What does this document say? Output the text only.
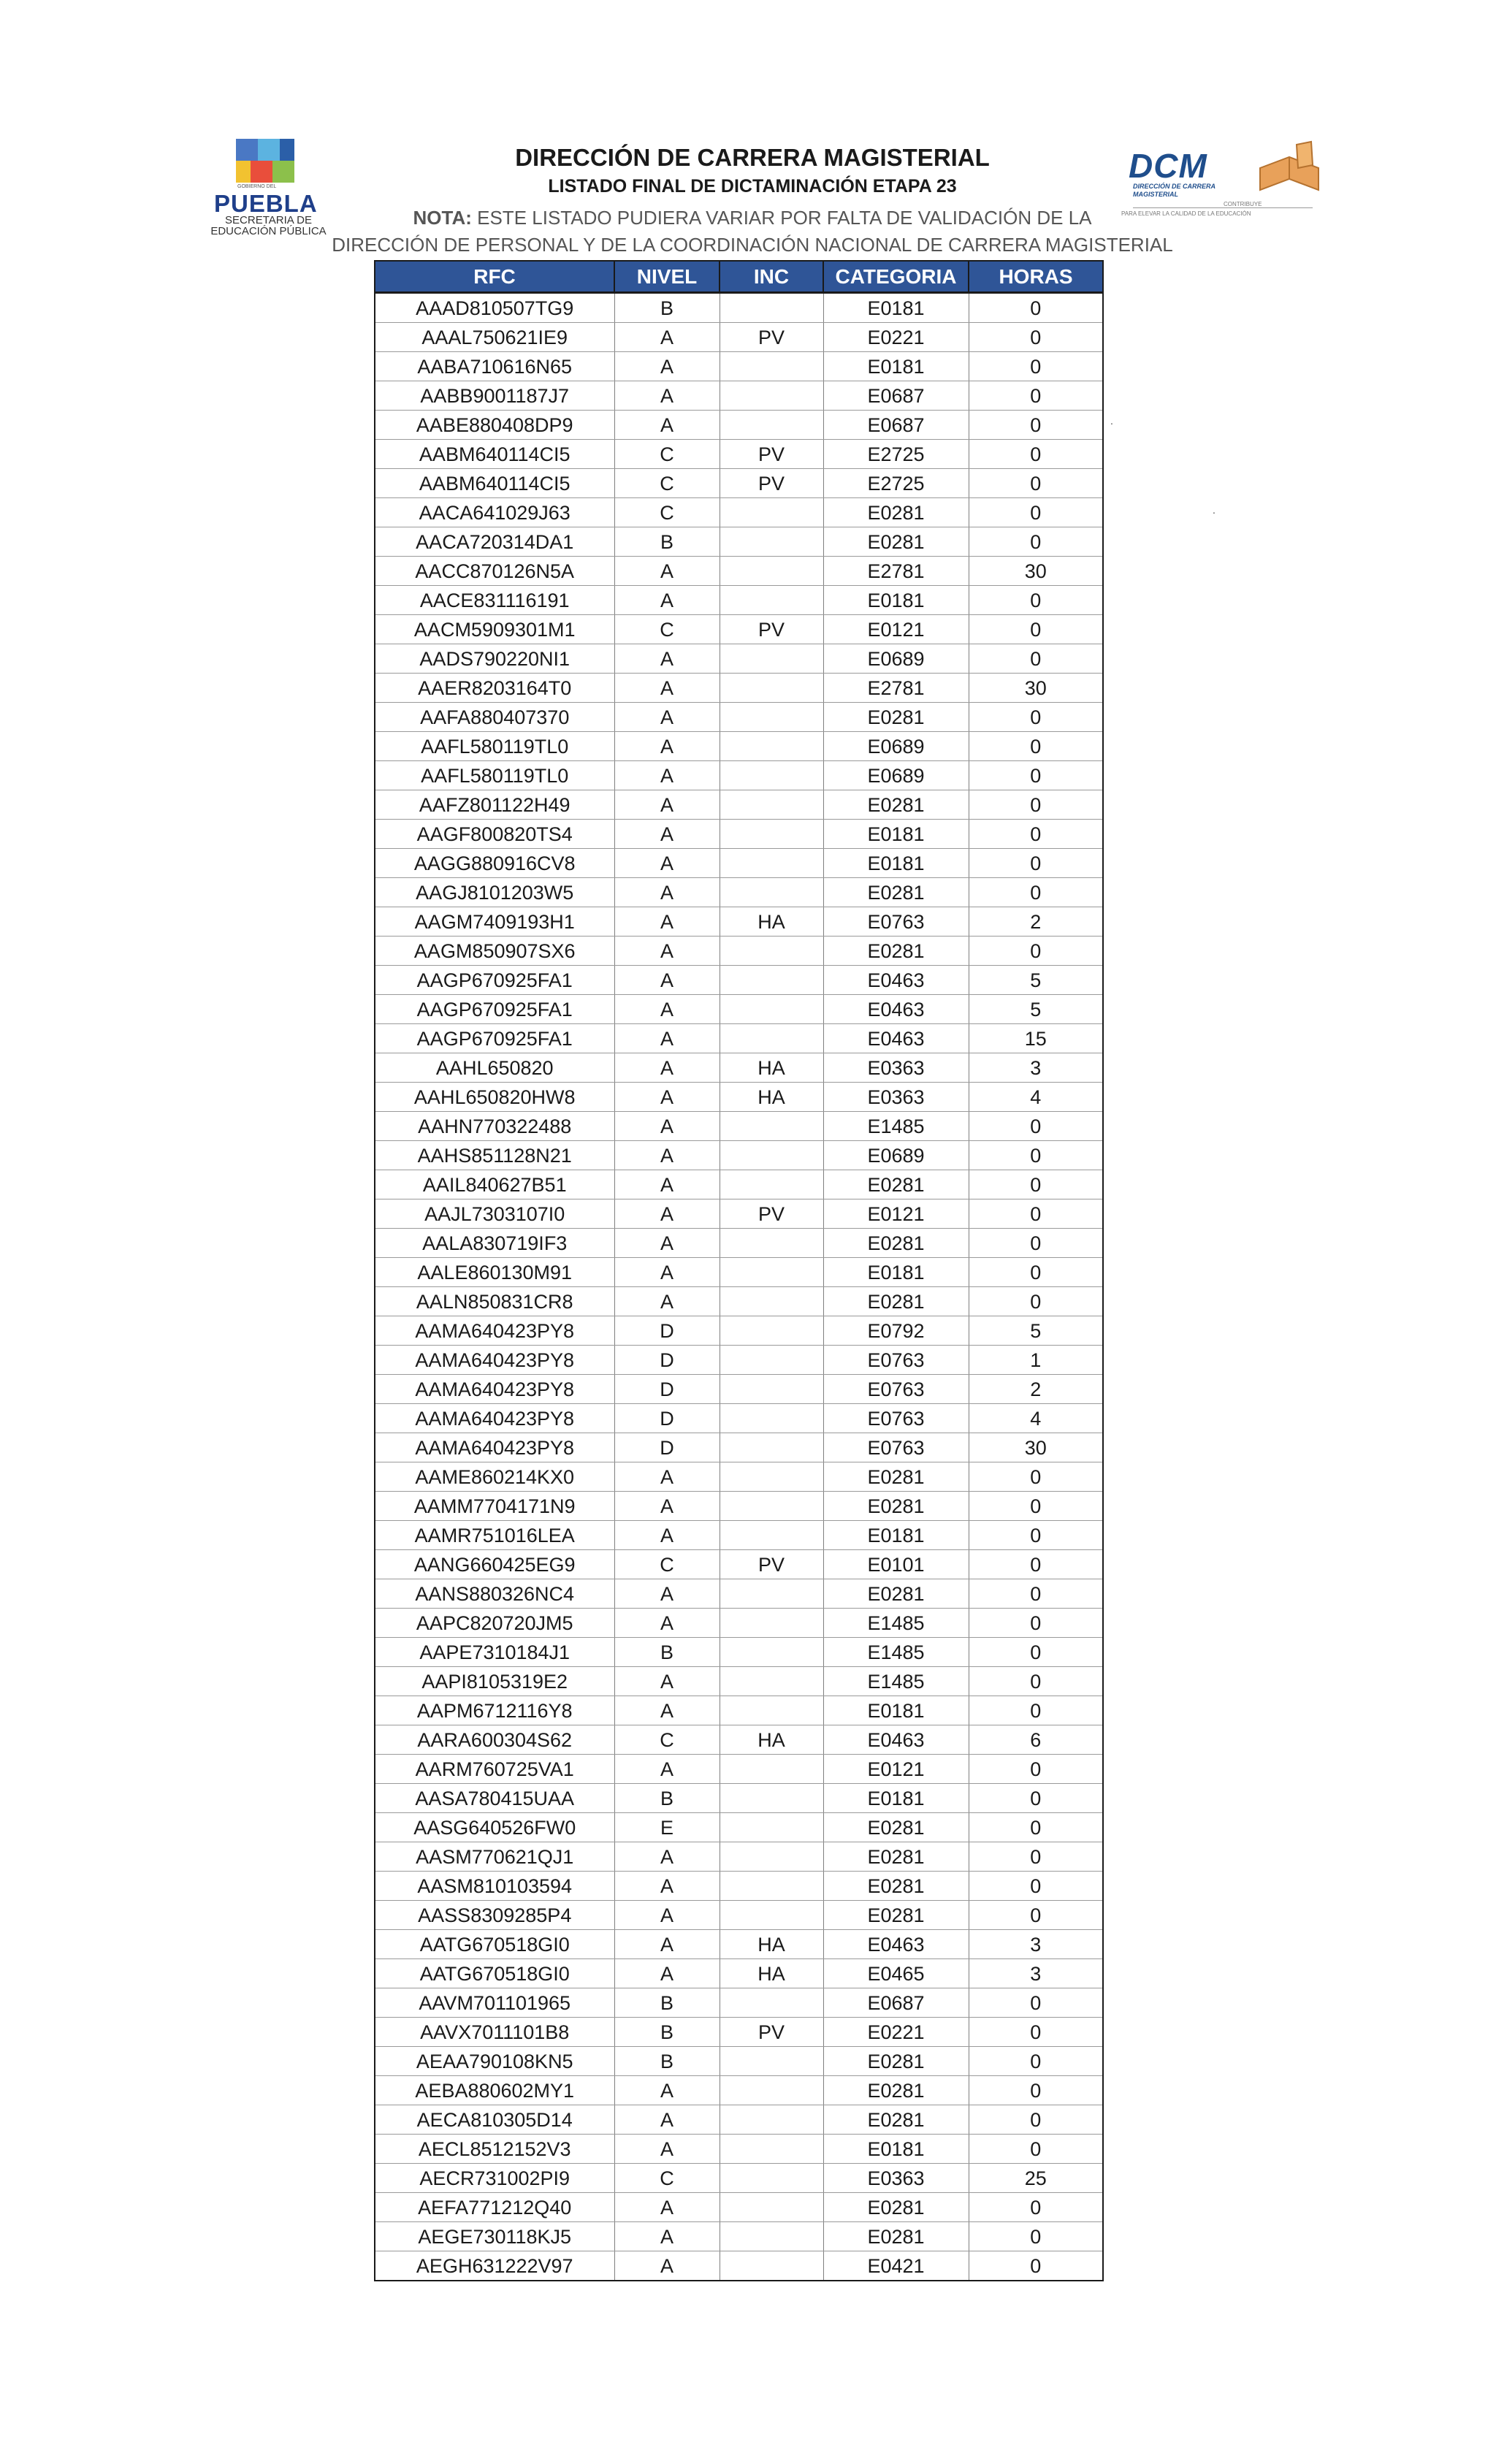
GOBIERNO DEL
PUEBLA
SECRETARIA DE
EDUCACIÓN PÚBLICA
DIRECCIÓN DE CARRERA MAGISTERIAL
LISTADO FINAL DE DICTAMINACIÓN ETAPA 23
NOTA: ESTE LISTADO PUDIERA VARIAR POR FALTA DE VALIDACIÓN DE LA
DIRECCIÓN DE PERSONAL Y DE LA COORDINACIÓN NACIONAL DE CARRERA MAGISTERIAL
DCM
DIRECCIÓN DE CARRERA
MAGISTERIAL
CONTRIBUYE
PARA ELEVAR LA CALIDAD DE LA EDUCACIÓN
.
.
RFC	NIVEL	INC	CATEGORIA	HORAS
AAAD810507TG9	B		E0181	0
AAAL750621IE9	A	PV	E0221	0
AABA710616N65	A		E0181	0
AABB9001187J7	A		E0687	0
AABE880408DP9	A		E0687	0
AABM640114CI5	C	PV	E2725	0
AABM640114CI5	C	PV	E2725	0
AACA641029J63	C		E0281	0
AACA720314DA1	B		E0281	0
AACC870126N5A	A		E2781	30
AACE831116191	A		E0181	0
AACM5909301M1	C	PV	E0121	0
AADS790220NI1	A		E0689	0
AAER8203164T0	A		E2781	30
AAFA880407370	A		E0281	0
AAFL580119TL0	A		E0689	0
AAFL580119TL0	A		E0689	0
AAFZ801122H49	A		E0281	0
AAGF800820TS4	A		E0181	0
AAGG880916CV8	A		E0181	0
AAGJ8101203W5	A		E0281	0
AAGM7409193H1	A	HA	E0763	2
AAGM850907SX6	A		E0281	0
AAGP670925FA1	A		E0463	5
AAGP670925FA1	A		E0463	5
AAGP670925FA1	A		E0463	15
AAHL650820	A	HA	E0363	3
AAHL650820HW8	A	HA	E0363	4
AAHN770322488	A		E1485	0
AAHS851128N21	A		E0689	0
AAIL840627B51	A		E0281	0
AAJL7303107I0	A	PV	E0121	0
AALA830719IF3	A		E0281	0
AALE860130M91	A		E0181	0
AALN850831CR8	A		E0281	0
AAMA640423PY8	D		E0792	5
AAMA640423PY8	D		E0763	1
AAMA640423PY8	D		E0763	2
AAMA640423PY8	D		E0763	4
AAMA640423PY8	D		E0763	30
AAME860214KX0	A		E0281	0
AAMM7704171N9	A		E0281	0
AAMR751016LEA	A		E0181	0
AANG660425EG9	C	PV	E0101	0
AANS880326NC4	A		E0281	0
AAPC820720JM5	A		E1485	0
AAPE7310184J1	B		E1485	0
AAPI8105319E2	A		E1485	0
AAPM6712116Y8	A		E0181	0
AARA600304S62	C	HA	E0463	6
AARM760725VA1	A		E0121	0
AASA780415UAA	B		E0181	0
AASG640526FW0	E		E0281	0
AASM770621QJ1	A		E0281	0
AASM810103594	A		E0281	0
AASS8309285P4	A		E0281	0
AATG670518GI0	A	HA	E0463	3
AATG670518GI0	A	HA	E0465	3
AAVM701101965	B		E0687	0
AAVX7011101B8	B	PV	E0221	0
AEAA790108KN5	B		E0281	0
AEBA880602MY1	A		E0281	0
AECA810305D14	A		E0281	0
AECL8512152V3	A		E0181	0
AECR731002PI9	C		E0363	25
AEFA771212Q40	A		E0281	0
AEGE730118KJ5	A		E0281	0
AEGH631222V97	A		E0421	0
